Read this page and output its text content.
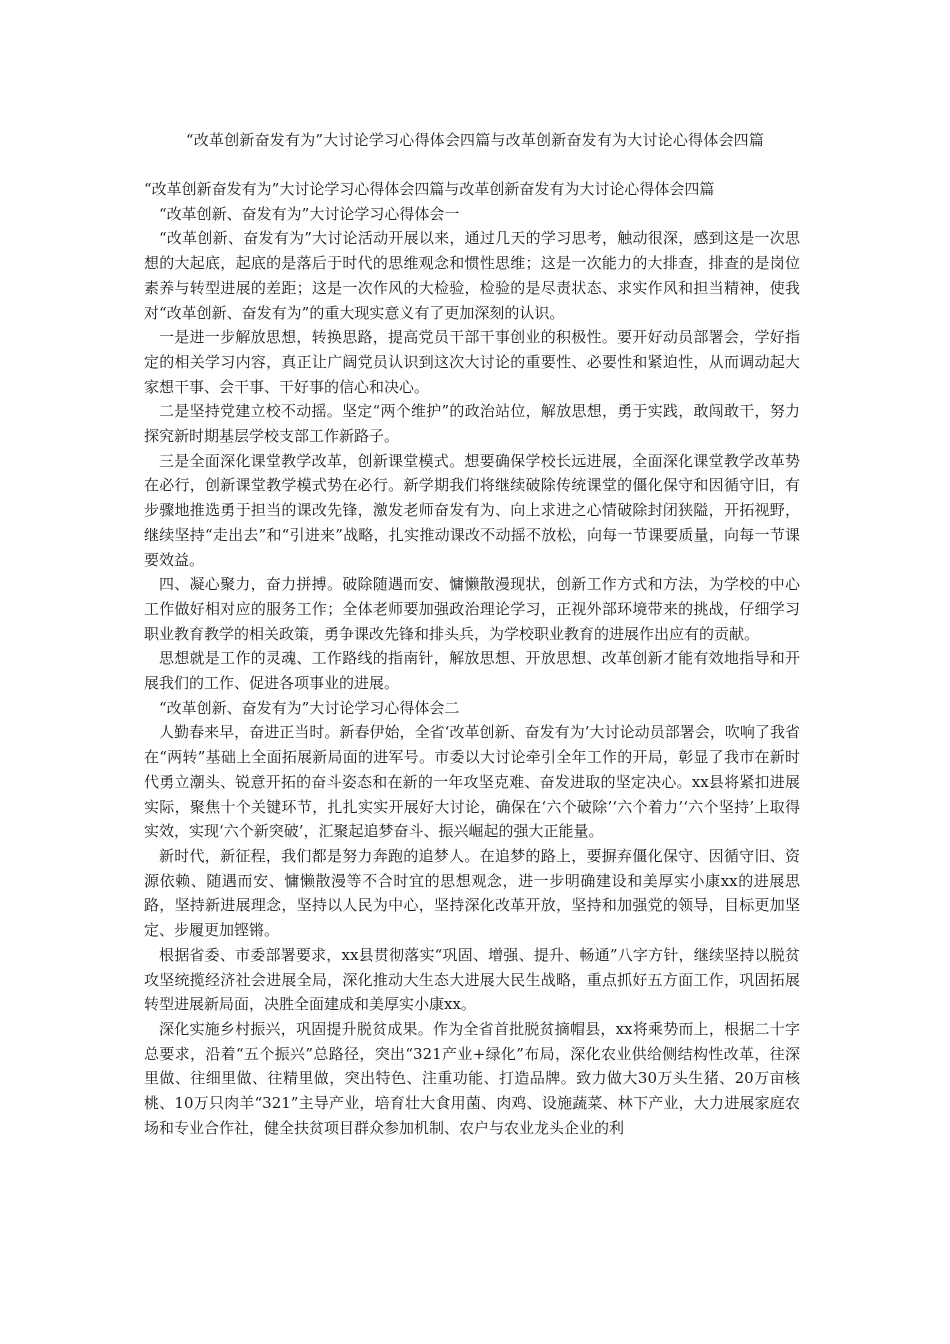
“改革创新奋发有为”大讨论学习心得体会四篇与改革创新奋发有为大讨论心得体会四篇

“改革创新奋发有为”大讨论学习心得体会四篇与改革创新奋发有为大讨论心得体会四篇

“改革创新、奋发有为”大讨论学习心得体会一

“改革创新、奋发有为”大讨论活动开展以来，通过几天的学习思考，触动很深，感到这是一次思想的大起底，起底的是落后于时代的思维观念和惯性思维；这是一次能力的大排查，排查的是岗位素养与转型进展的差距；这是一次作风的大检验，检验的是尽责状态、求实作风和担当精神，使我对“改革创新、奋发有为”的重大现实意义有了更加深刻的认识。

一是进一步解放思想，转换思路，提高党员干部干事创业的积极性。要开好动员部署会，学好指定的相关学习内容，真正让广阔党员认识到这次大讨论的重要性、必要性和紧迫性，从而调动起大家想干事、会干事、干好事的信心和决心。

二是坚持党建立校不动摇。坚定“两个维护”的政治站位，解放思想，勇于实践，敢闯敢干，努力探究新时期基层学校支部工作新路子。

三是全面深化课堂教学改革，创新课堂模式。想要确保学校长远进展，全面深化课堂教学改革势在必行，创新课堂教学模式势在必行。新学期我们将继续破除传统课堂的僵化保守和因循守旧，有步骤地推选勇于担当的课改先锋，激发老师奋发有为、向上求进之心情破除封闭狭隘，开拓视野，继续坚持“走出去”和“引进来”战略，扎实推动课改不动摇不放松，向每一节课要质量，向每一节课要效益。

四、凝心聚力，奋力拼搏。破除随遇而安、慵懒散漫现状，创新工作方式和方法，为学校的中心工作做好相对应的服务工作；全体老师要加强政治理论学习，正视外部环境带来的挑战，仔细学习职业教育教学的相关政策，勇争课改先锋和排头兵，为学校职业教育的进展作出应有的贡献。

思想就是工作的灵魂、工作路线的指南针，解放思想、开放思想、改革创新才能有效地指导和开展我们的工作、促进各项事业的进展。

“改革创新、奋发有为”大讨论学习心得体会二

人勤春来早，奋进正当时。新春伊始，全省‘改革创新、奋发有为’大讨论动员部署会，吹响了我省在“两转”基础上全面拓展新局面的进军号。市委以大讨论牵引全年工作的开局，彰显了我市在新时代勇立潮头、锐意开拓的奋斗姿态和在新的一年攻坚克难、奋发进取的坚定决心。xx县将紧扣进展实际，聚焦十个关键环节，扎扎实实开展好大讨论，确保在‘六个破除’‘六个着力’‘六个坚持’上取得实效，实现‘六个新突破’，汇聚起追梦奋斗、振兴崛起的强大正能量。

新时代，新征程，我们都是努力奔跑的追梦人。在追梦的路上，要摒弃僵化保守、因循守旧、资源依赖、随遇而安、慵懒散漫等不合时宜的思想观念，进一步明确建设和美厚实小康xx的进展思路，坚持新进展理念，坚持以人民为中心，坚持深化改革开放，坚持和加强党的领导，目标更加坚定、步履更加铿锵。

根据省委、市委部署要求，xx县贯彻落实“巩固、增强、提升、畅通”八字方针，继续坚持以脱贫攻坚统揽经济社会进展全局，深化推动大生态大进展大民生战略，重点抓好五方面工作，巩固拓展转型进展新局面，决胜全面建成和美厚实小康xx。

深化实施乡村振兴，巩固提升脱贫成果。作为全省首批脱贫摘帽县，xx将乘势而上，根据二十字总要求，沿着“五个振兴”总路径，突出“321产业+绿化”布局，深化农业供给侧结构性改革，往深里做、往细里做、往精里做，突出特色、注重功能、打造品牌。致力做大30万头生猪、20万亩核桃、10万只肉羊“321”主导产业，培育壮大食用菌、肉鸡、设施蔬菜、林下产业，大力进展家庭农场和专业合作社，健全扶贫项目群众参加机制、农户与农业龙头企业的利
